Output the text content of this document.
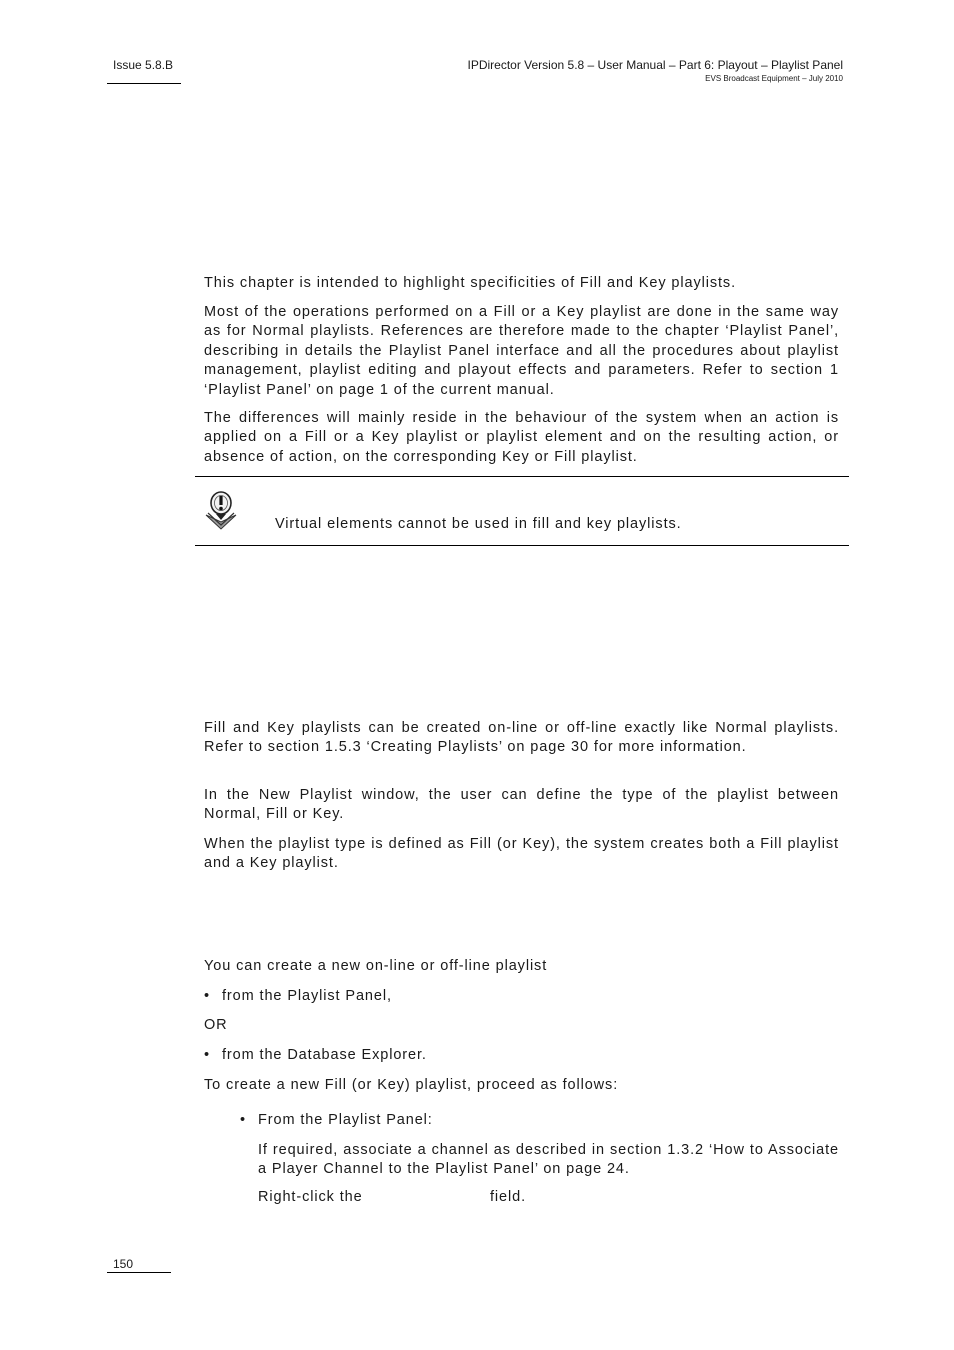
Issue 5.8.B	IPDirector Version 5.8 – User Manual – Part 6: Playout – Playlist Panel
EVS Broadcast Equipment – July 2010

This chapter is intended to highlight specificities of Fill and Key playlists.

Most of the operations performed on a Fill or a Key playlist are done in the same way as for Normal playlists. References are therefore made to the chapter ‘Playlist Panel’, describing in details the Playlist Panel interface and all the procedures about playlist management, playlist editing and playout effects and parameters. Refer to section 1 ‘Playlist Panel’ on page 1 of the current manual.

The differences will mainly reside in the behaviour of the system when an action is applied on a Fill or a Key playlist or playlist element and on the resulting action, or absence of action, on the corresponding Key or Fill playlist.

Virtual elements cannot be used in fill and key playlists.

Fill and Key playlists can be created on-line or off-line exactly like Normal playlists. Refer to section 1.5.3 ‘Creating Playlists’ on page 30 for more information.

In the New Playlist window, the user can define the type of the playlist between Normal, Fill or Key.

When the playlist type is defined as Fill (or Key), the system creates both a Fill playlist and a Key playlist.

You can create a new on-line or off-line playlist

• from the Playlist Panel,

OR

• from the Database Explorer.

To create a new Fill (or Key) playlist, proceed as follows:

• From the Playlist Panel:

If required, associate a channel as described in section 1.3.2 ‘How to Associate a Player Channel to the Playlist Panel’ on page 24.

Right-click the	field.
150
